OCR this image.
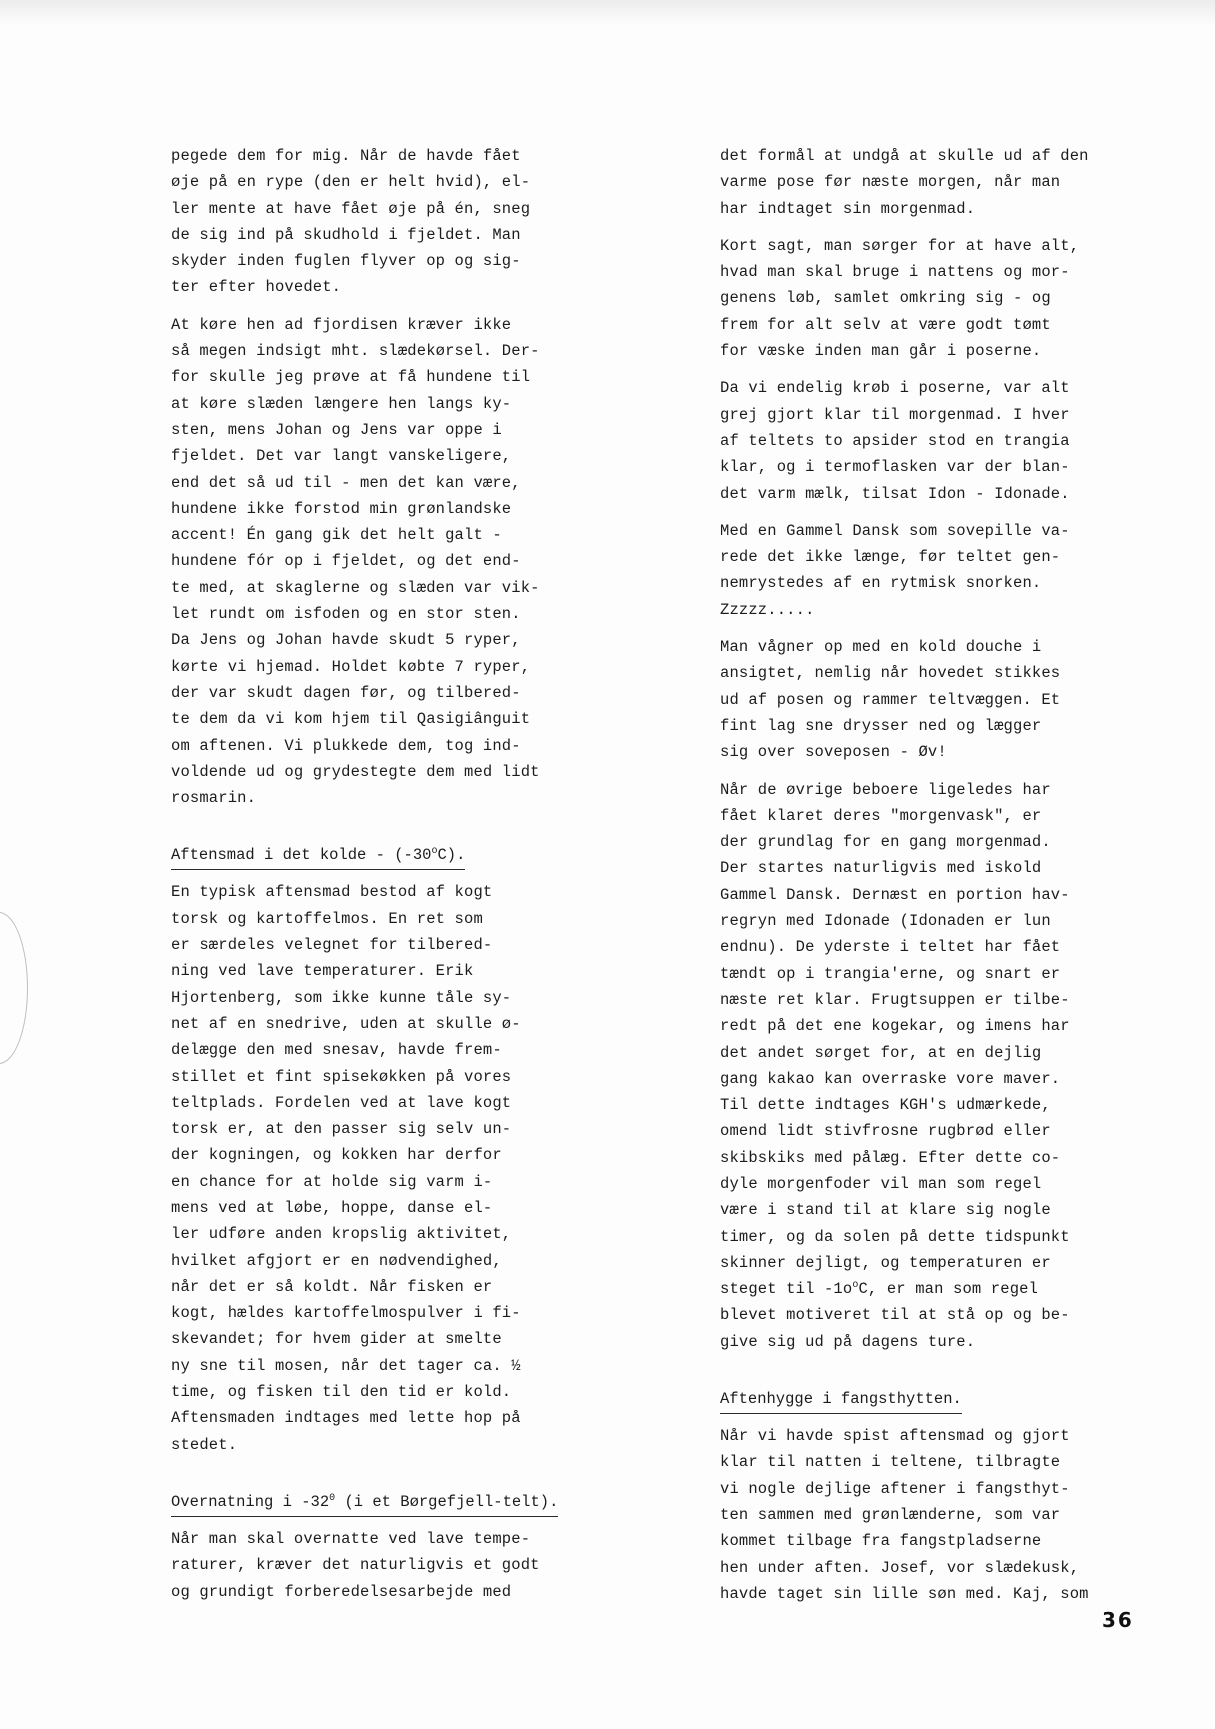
pegede dem for mig. Når de havde fået
øje på en rype (den er helt hvid), el-
ler mente at have fået øje på én, sneg
de sig ind på skudhold i fjeldet. Man
skyder inden fuglen flyver op og sig-
ter efter hovedet.

At køre hen ad fjordisen kræver ikke
så megen indsigt mht. slædekørsel. Der-
for skulle jeg prøve at få hundene til
at køre slæden længere hen langs ky-
sten, mens Johan og Jens var oppe i
fjeldet. Det var langt vanskeligere,
end det så ud til - men det kan være,
hundene ikke forstod min grønlandske
accent! Én gang gik det helt galt -
hundene fór op i fjeldet, og det end-
te med, at skaglerne og slæden var vik-
let rundt om isfoden og en stor sten.
Da Jens og Johan havde skudt 5 ryper,
kørte vi hjemad. Holdet købte 7 ryper,
der var skudt dagen før, og tilbered-
te dem da vi kom hjem til Qasigiânguit
om aftenen. Vi plukkede dem, tog ind-
voldende ud og grydestegte dem med lidt
rosmarin.

Aftensmad i det kolde - (-30$^o$C).

En typisk aftensmad bestod af kogt
torsk og kartoffelmos. En ret som
er særdeles velegnet for tilbered-
ning ved lave temperaturer. Erik
Hjortenberg, som ikke kunne tåle sy-
net af en snedrive, uden at skulle ø-
delægge den med snesav, havde frem-
stillet et fint spisekøkken på vores
teltplads. Fordelen ved at lave kogt
torsk er, at den passer sig selv un-
der kogningen, og kokken har derfor
en chance for at holde sig varm i-
mens ved at løbe, hoppe, danse el-
ler udføre anden kropslig aktivitet,
hvilket afgjort er en nødvendighed,
når det er så koldt. Når fisken er
kogt, hældes kartoffelmospulver i fi-
skevandet; for hvem gider at smelte
ny sne til mosen, når det tager ca. ½
time, og fisken til den tid er kold.
Aftensmaden indtages med lette hop på
stedet.

Overnatning i $-32^0$ (i et Børgefjell-telt).

Når man skal overnatte ved lave tempe-
raturer, kræver det naturligvis et godt
og grundigt forberedelsesarbejde med

det formål at undgå at skulle ud af den
varme pose før næste morgen, når man
har indtaget sin morgenmad.

Kort sagt, man sørger for at have alt,
hvad man skal bruge i nattens og mor-
genens løb, samlet omkring sig - og
frem for alt selv at være godt tømt
for væske inden man går i poserne.

Da vi endelig krøb i poserne, var alt
grej gjort klar til morgenmad. I hver
af teltets to apsider stod en trangia
klar, og i termoflasken var der blan-
det varm mælk, tilsat Idon - Idonade.

Med en Gammel Dansk som sovepille va-
rede det ikke længe, før teltet gen-
nemrystedes af en rytmisk snorken.
Zzzzz.....

Man vågner op med en kold douche i
ansigtet, nemlig når hovedet stikkes
ud af posen og rammer teltvæggen. Et
fint lag sne drysser ned og lægger
sig over soveposen - Øv!

Når de øvrige beboere ligeledes har
fået klaret deres "morgenvask", er
der grundlag for en gang morgenmad.
Der startes naturligvis med iskold
Gammel Dansk. Dernæst en portion hav-
regryn med Idonade (Idonaden er lun
endnu). De yderste i teltet har fået
tændt op i trangia'erne, og snart er
næste ret klar. Frugtsuppen er tilbe-
redt på det ene kogekar, og imens har
det andet sørget for, at en dejlig
gang kakao kan overraske vore maver.
Til dette indtages KGH's udmærkede,
omend lidt stivfrosne rugbrød eller
skibskiks med pålæg. Efter dette co-
dyle morgenfoder vil man som regel
være i stand til at klare sig nogle
timer, og da solen på dette tidspunkt
skinner dejligt, og temperaturen er
steget til $-1o^oC$, er man som regel
blevet motiveret til at stå op og be-
give sig ud på dagens ture.

Aftenhygge i fangsthytten.

Når vi havde spist aftensmad og gjort
klar til natten i teltene, tilbragte
vi nogle dejlige aftener i fangsthyt-
ten sammen med grønlænderne, som var
kommet tilbage fra fangstpladserne
hen under aften. Josef, vor slædekusk,
havde taget sin lille søn med. Kaj, som

36
